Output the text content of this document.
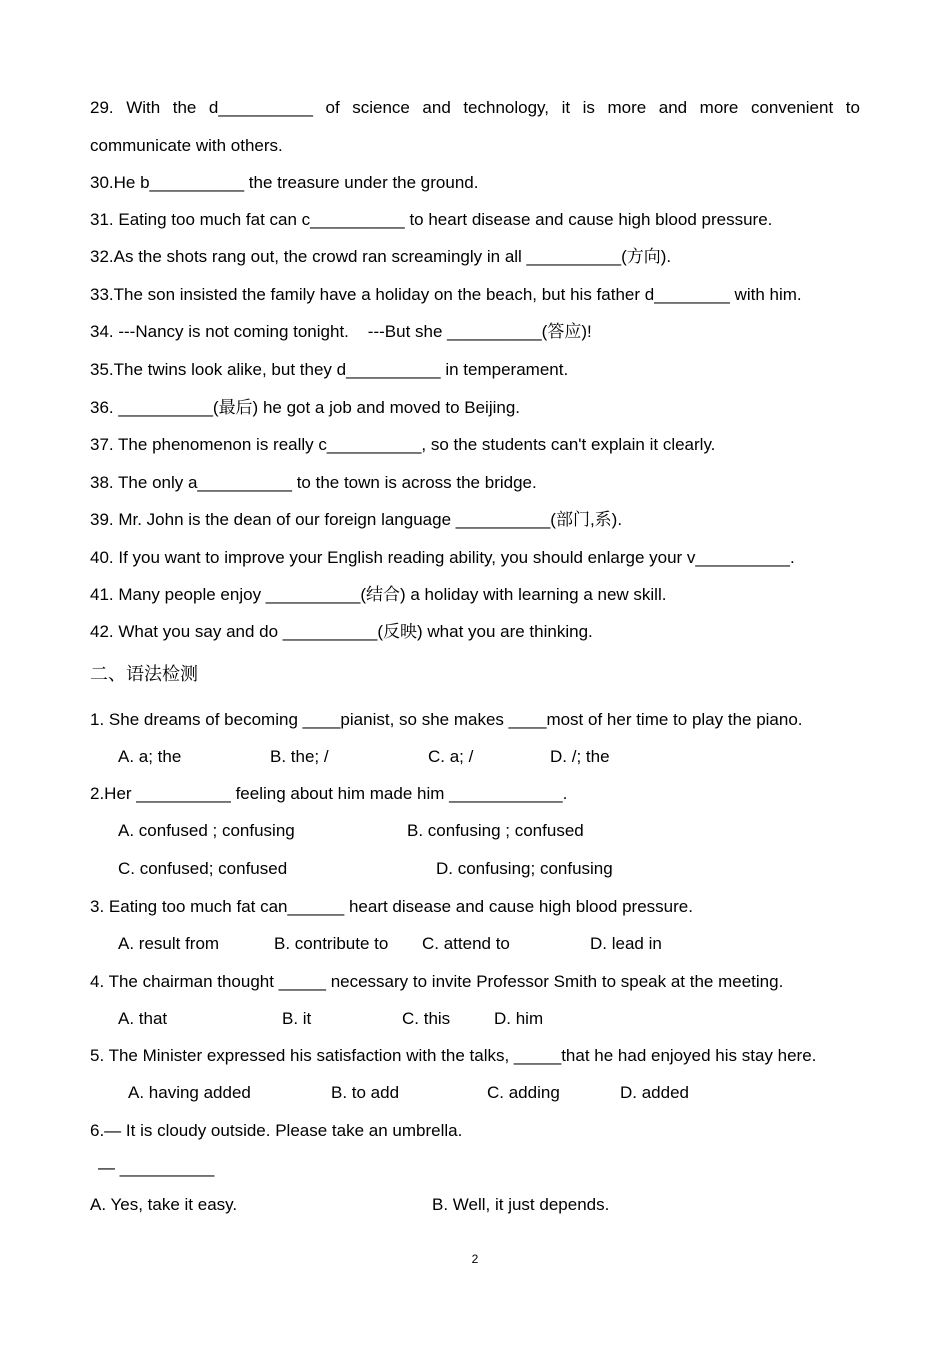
29. With the d__________ of science and technology, it is more and more convenient to
communicate with others.
30.He b__________ the treasure under the ground.
31. Eating too much fat can c__________ to heart disease and cause high blood pressure.
32.As the shots rang out, the crowd ran screamingly in all __________(方向).
33.The son insisted the family have a holiday on the beach, but his father d________ with him.
34. ---Nancy is not coming tonight.    ---But she __________(答应)!
35.The twins look alike, but they d__________ in temperament.
36. __________(最后) he got a job and moved to Beijing.
37. The phenomenon is really c__________, so the students can't explain it clearly.
38. The only a__________ to the town is across the bridge.
39. Mr. John is the dean of our foreign language __________(部门,系).
40. If you want to improve your English reading ability, you should enlarge your v__________.
41. Many people enjoy __________(结合) a holiday with learning a new skill.
42. What you say and do __________(反映) what you are thinking.
二、语法检测
1. She dreams of becoming ____pianist, so she makes ____most of her time to play the piano.
A. a; the	B. the; /	C. a; /	D. /; the
2.Her __________ feeling about him made him ____________.
A. confused ; confusing	B. confusing ; confused
C. confused; confused	D. confusing; confusing
3. Eating too much fat can______ heart disease and cause high blood pressure.
A. result from	B. contribute to C. attend to	D. lead in
4. The chairman thought _____ necessary to invite Professor Smith to speak at the meeting.
A. that	B. it	C. this	D. him
5. The Minister expressed his satisfaction with the talks, _____that he had enjoyed his stay here.
A. having added	B. to add	C. adding	D. added
6.— It is cloudy outside. Please take an umbrella.
— __________
A. Yes, take it easy.	B. Well, it just depends.
2
